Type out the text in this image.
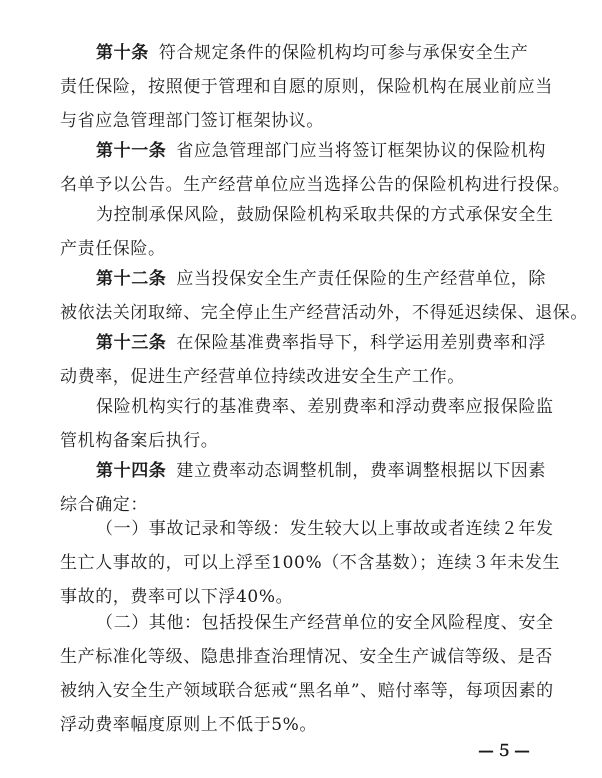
第十条 符合规定条件的保险机构均可参与承保安全生产
责任保险，按照便于管理和自愿的原则，保险机构在展业前应当
与省应急管理部门签订框架协议。

第十一条 省应急管理部门应当将签订框架协议的保险机构
名单予以公告。生产经营单位应当选择公告的保险机构进行投保。

为控制承保风险，鼓励保险机构采取共保的方式承保安全生
产责任保险。

第十二条 应当投保安全生产责任保险的生产经营单位，除
被依法关闭取缔、完全停止生产经营活动外，不得延迟续保、退保。

第十三条 在保险基准费率指导下，科学运用差别费率和浮
动费率，促进生产经营单位持续改进安全生产工作。

保险机构实行的基准费率、差别费率和浮动费率应报保险监
管机构备案后执行。

第十四条 建立费率动态调整机制，费率调整根据以下因素
综合确定：

（一）事故记录和等级：发生较大以上事故或者连续２年发
生亡人事故的，可以上浮至100%（不含基数）；连续３年未发生
事故的，费率可以下浮40%。

（二）其他：包括投保生产经营单位的安全风险程度、安全
生产标准化等级、隐患排查治理情况、安全生产诚信等级、是否
被纳入安全生产领域联合惩戒“黑名单”、赔付率等，每项因素的
浮动费率幅度原则上不低于5%。

—５—
